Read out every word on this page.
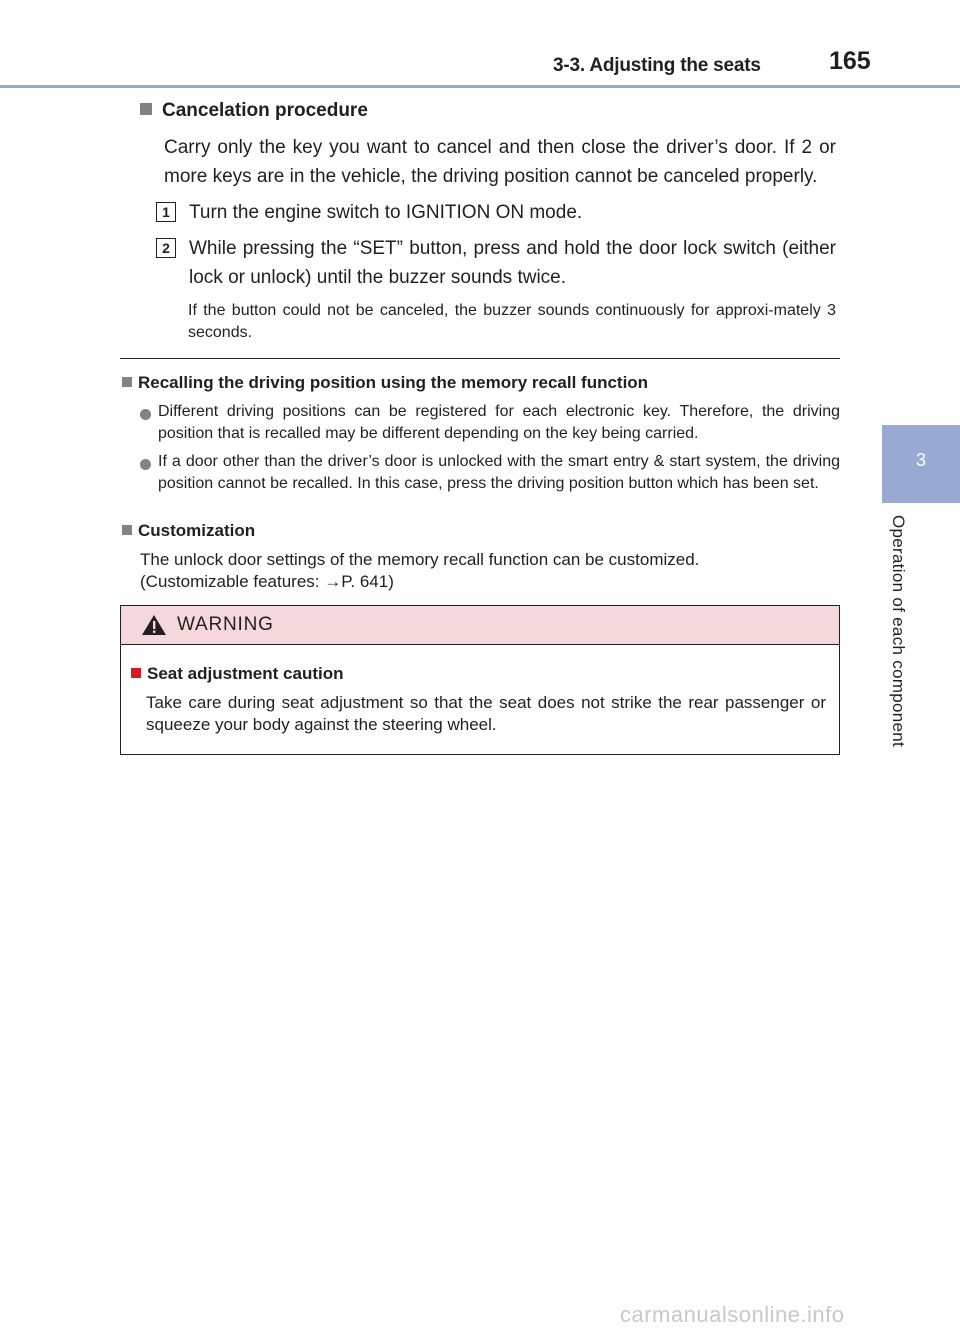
3-3. Adjusting the seats	165
3
Operation of each component
Cancelation procedure
Carry only the key you want to cancel and then close the driver’s door. If 2 or more keys are in the vehicle, the driving position cannot be canceled properly.
1	Turn the engine switch to IGNITION ON mode.
2	While pressing the “SET” button, press and hold the door lock switch (either lock or unlock) until the buzzer sounds twice.
If the button could not be canceled, the buzzer sounds continuously for approxi-mately 3 seconds.
Recalling the driving position using the memory recall function
Different driving positions can be registered for each electronic key. Therefore, the driving position that is recalled may be different depending on the key being carried.
If a door other than the driver’s door is unlocked with the smart entry & start system, the driving position cannot be recalled. In this case, press the driving position button which has been set.
Customization
The unlock door settings of the memory recall function can be customized.
(Customizable features: →P. 641)
WARNING
Seat adjustment caution
Take care during seat adjustment so that the seat does not strike the rear passenger or squeeze your body against the steering wheel.
carmanualsonline.info
